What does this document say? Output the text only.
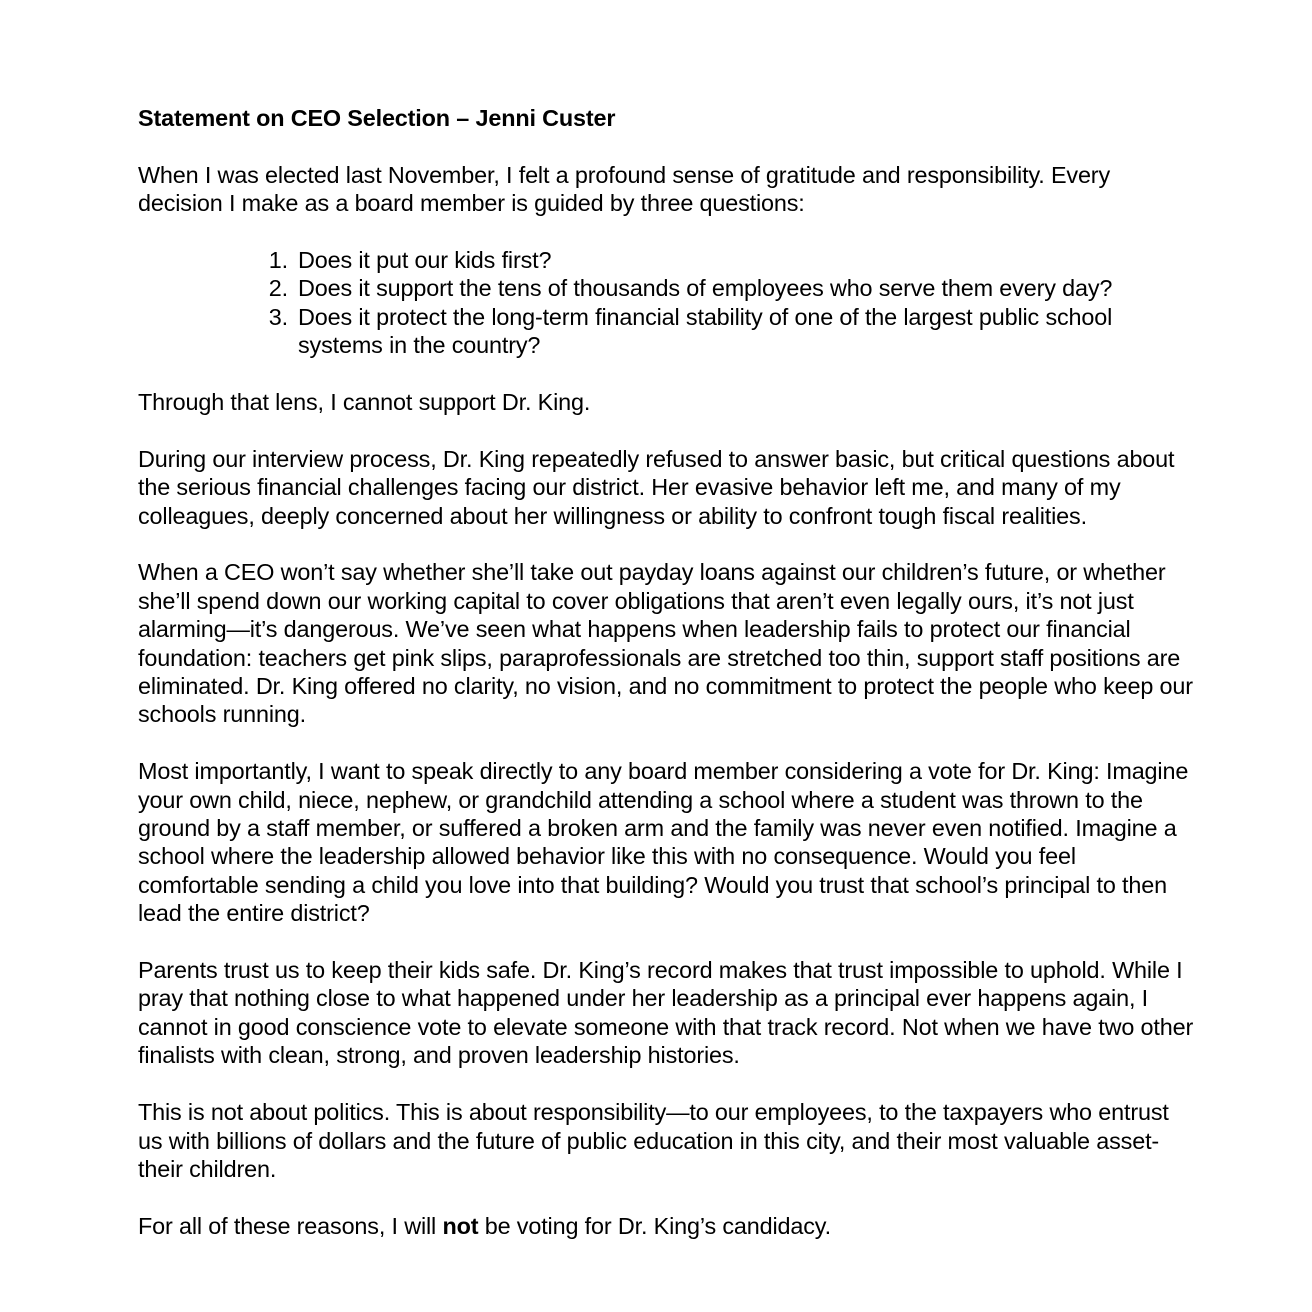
Statement on CEO Selection – Jenni Custer

When I was elected last November, I felt a profound sense of gratitude and responsibility. Every decision I make as a board member is guided by three questions:

1. Does it put our kids first?
2. Does it support the tens of thousands of employees who serve them every day?
3. Does it protect the long-term financial stability of one of the largest public school systems in the country?

Through that lens, I cannot support Dr. King.

During our interview process, Dr. King repeatedly refused to answer basic, but critical questions about the serious financial challenges facing our district. Her evasive behavior left me, and many of my colleagues, deeply concerned about her willingness or ability to confront tough fiscal realities.

When a CEO won’t say whether she’ll take out payday loans against our children’s future, or whether she’ll spend down our working capital to cover obligations that aren’t even legally ours, it’s not just alarming—it’s dangerous. We’ve seen what happens when leadership fails to protect our financial foundation: teachers get pink slips, paraprofessionals are stretched too thin, support staff positions are eliminated. Dr. King offered no clarity, no vision, and no commitment to protect the people who keep our schools running.

Most importantly, I want to speak directly to any board member considering a vote for Dr. King: Imagine your own child, niece, nephew, or grandchild attending a school where a student was thrown to the ground by a staff member, or suffered a broken arm and the family was never even notified. Imagine a school where the leadership allowed behavior like this with no consequence. Would you feel comfortable sending a child you love into that building? Would you trust that school’s principal to then lead the entire district?

Parents trust us to keep their kids safe. Dr. King’s record makes that trust impossible to uphold. While I pray that nothing close to what happened under her leadership as a principal ever happens again, I cannot in good conscience vote to elevate someone with that track record. Not when we have two other finalists with clean, strong, and proven leadership histories.

This is not about politics. This is about responsibility—to our employees, to the taxpayers who entrust us with billions of dollars and the future of public education in this city, and their most valuable asset-their children.

For all of these reasons, I will not be voting for Dr. King’s candidacy.
